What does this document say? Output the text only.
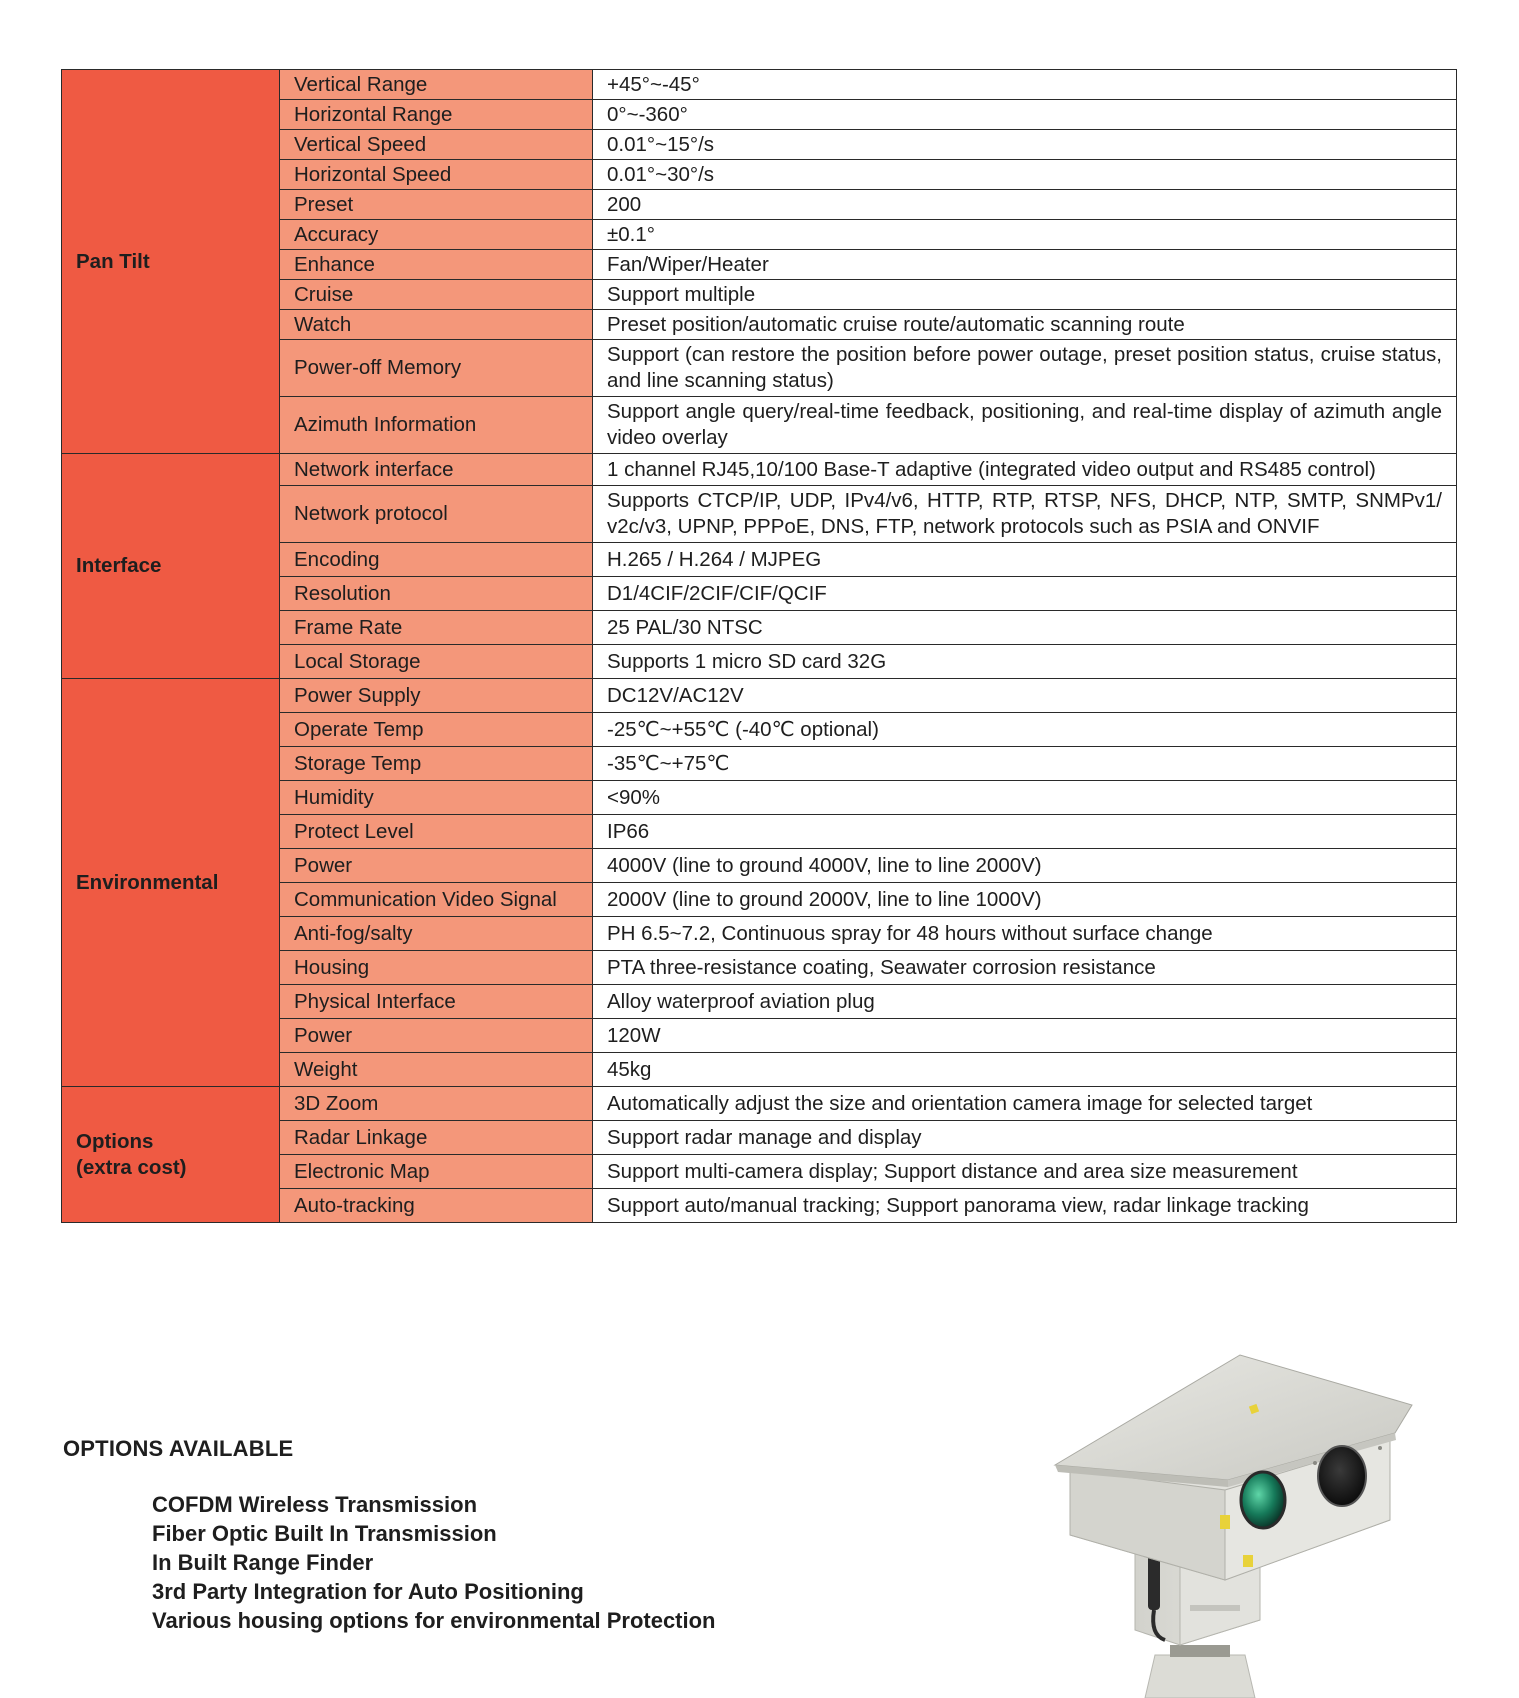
Pan Tilt	Vertical Range	+45°~-45°
	Horizontal Range	0°~-360°
	Vertical Speed	0.01°~15°/s
	Horizontal Speed	0.01°~30°/s
	Preset	200
	Accuracy	±0.1°
	Enhance	Fan/Wiper/Heater
	Cruise	Support multiple
	Watch	Preset position/automatic cruise route/automatic scanning route
	Power-off Memory	Support (can restore the position before power outage, preset position status, cruise status, and line scanning status)
	Azimuth Information	Support angle query/real-time feedback, positioning, and real-time display of azimuth angle video overlay
Interface	Network interface	1 channel RJ45,10/100 Base-T adaptive (integrated video output and RS485 control)
	Network protocol	Supports CTCP/IP, UDP, IPv4/v6, HTTP, RTP, RTSP, NFS, DHCP, NTP, SMTP, SNMPv1/ v2c/v3, UPNP, PPPoE, DNS, FTP, network protocols such as PSIA and ONVIF
	Encoding	H.265 / H.264 / MJPEG
	Resolution	D1/4CIF/2CIF/CIF/QCIF
	Frame Rate	25 PAL/30 NTSC
	Local Storage	Supports 1 micro SD card 32G
Environmental	Power Supply	DC12V/AC12V
	Operate Temp	-25℃~+55℃ (-40℃ optional)
	Storage Temp	-35℃~+75℃
	Humidity	<90%
	Protect Level	IP66
	Power	4000V (line to ground 4000V, line to line 2000V)
	Communication Video Signal	2000V (line to ground 2000V, line to line 1000V)
	Anti-fog/salty	PH 6.5~7.2, Continuous spray for 48 hours without surface change
	Housing	PTA three-resistance coating, Seawater corrosion resistance
	Physical Interface	Alloy waterproof aviation plug
	Power	120W
	Weight	45kg
Options
(extra cost)	3D Zoom	Automatically adjust the size and orientation camera image for selected target
	Radar Linkage	Support radar manage and display
	Electronic Map	Support multi-camera display; Support distance and area size measurement
	Auto-tracking	Support auto/manual tracking; Support panorama view, radar linkage tracking
OPTIONS AVAILABLE
COFDM Wireless Transmission
Fiber Optic Built In Transmission
In Built Range Finder
3rd Party Integration for Auto Positioning
Various housing options for environmental Protection
